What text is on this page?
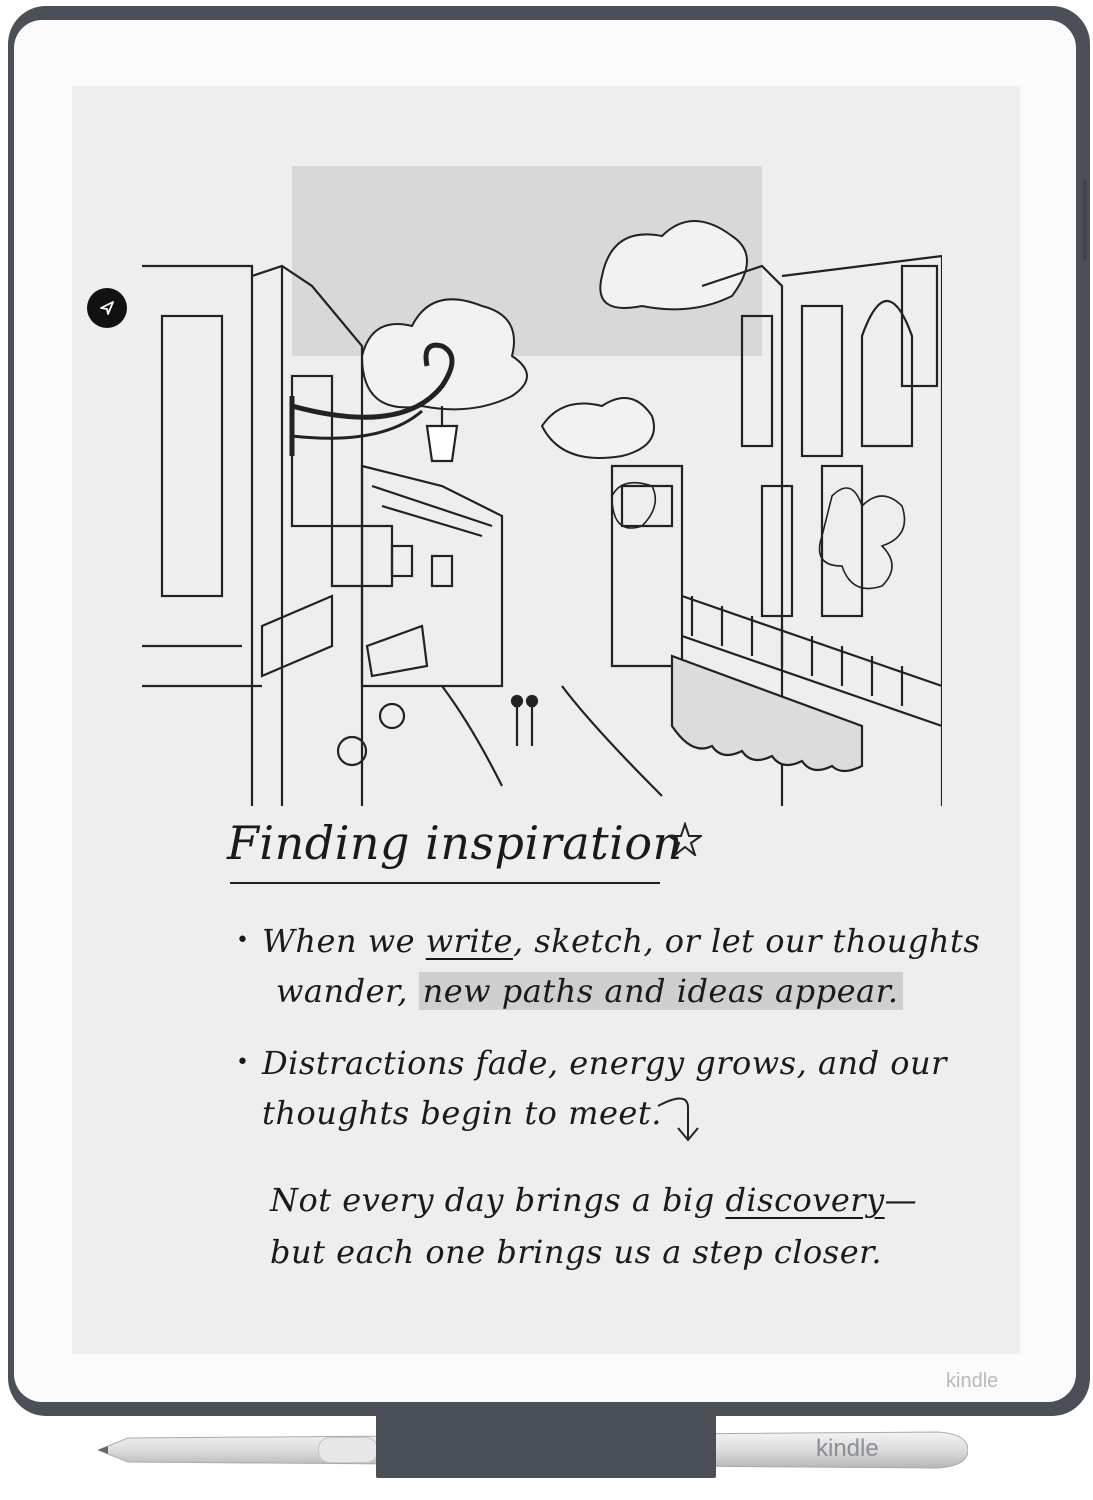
Finding inspiration
• When we write, sketch, or let our thoughts
wander, new paths and ideas appear.
• Distractions fade, energy grows, and our
thoughts begin to meet.
Not every day brings a big discovery—
but each one brings us a step closer.
kindle
kindle
